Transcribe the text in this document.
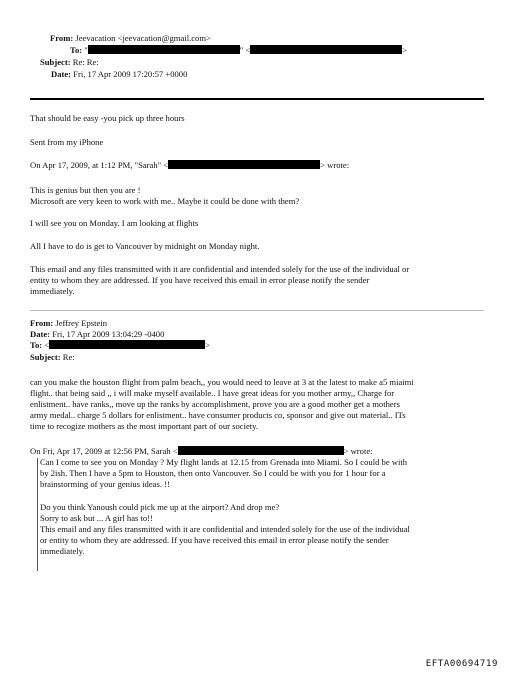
From: Jeevacation <jeevacation@gmail.com>
To: "	" <	>
Subject: Re: Re:
Date: Fri, 17 Apr 2009 17:20:57 +0000
That should be easy -you pick up three hours
Sent from my iPhone
On Apr 17, 2009, at 1:12 PM, "Sarah" <	> wrote:
This is genius but then you are !
Microsoft are very keen to work with me.. Maybe it could be done with them?
I will see you on Monday. I am looking at flights
All I have to do is get to Vancouver by midnight on Monday night.
This email and any files transmitted with it are confidential and intended solely for the use of the individual or
entity to whom they are addressed. If you have received this email in error please notify the sender
immediately.
From: Jeffrey Epstein
Date: Fri, 17 Apr 2009 13:04:29 -0400
To: <	>
Subject: Re:
can you make the houston flight from palm beach,, you would need to leave at 3 at the latest to make a5 miaimi
flight.. that being said ,, i will make myself available.. I have great ideas for you mother army,, Charge for
enlistment.. have ranks,, move up the ranks by accomplishment, prove you are a good mother get a mothers
army medal.. charge 5 dollars for enlistment.. have consumer products co, sponsor and give out material.. ITs
time to recogize mothers as the most important part of our society.
On Fri, Apr 17, 2009 at 12:56 PM, Sarah <	> wrote:
Can I come to see you on Monday ? My flight lands at 12.15 from Grenada into Miami. So I could be with
by 2ish. Then I have a 5pm to Houston, then onto Vancouver. So I could be with you for 1 hour for a
brainstorming of your genius ideas. !!
Do you think Yanoush could pick me up at the airport? And drop me?
Sorry to ask but ... A girl has to!!
This email and any files transmitted with it are confidential and intended solely for the use of the individual
or entity to whom they are addressed. If you have received this email in error please notify the sender
immediately.
EFTA00694719
